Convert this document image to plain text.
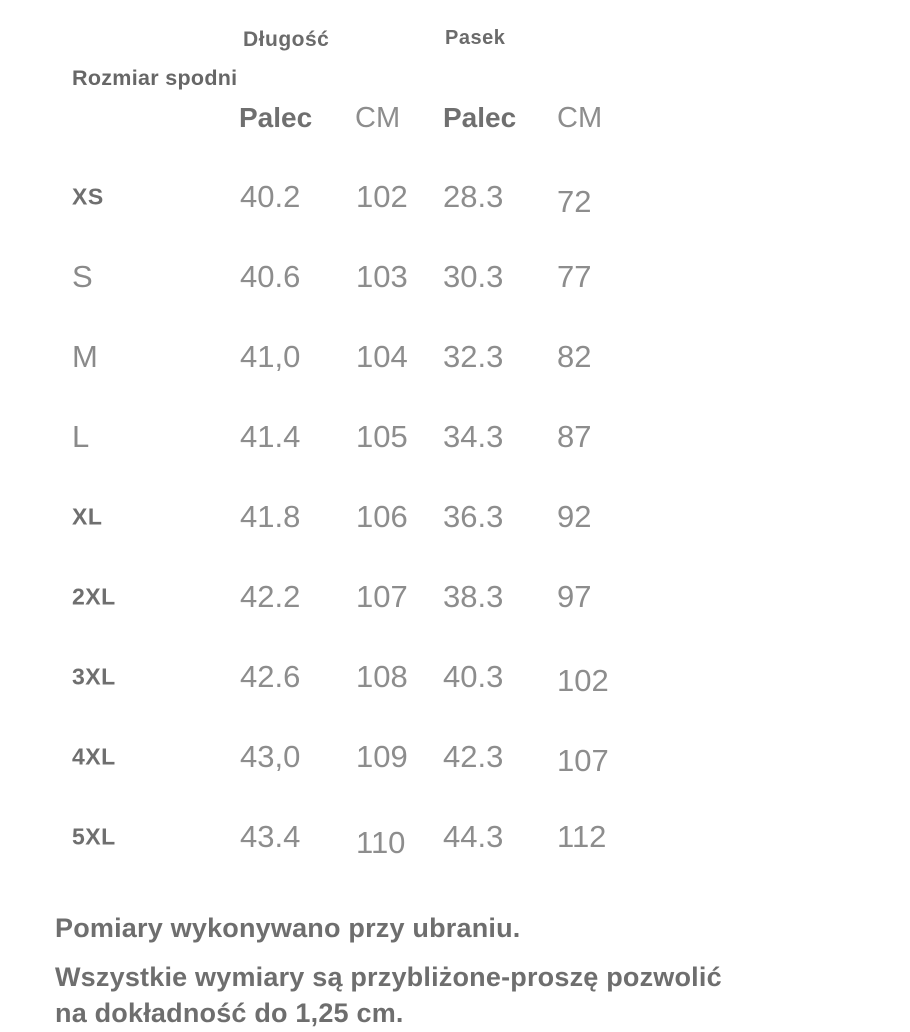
Długość	Pasek
Rozmiar spodni
Palec CM Palec CM
XS	40.2 102 28.3 72
S	40.6 103 30.3 77
M	41,0 104 32.3 82
L	41.4 105 34.3 87
XL	41.8 106 36.3 92
2XL	42.2 107 38.3 97
3XL	42.6 108 40.3 102
4XL	43,0 109 42.3 107
5XL	43.4 110 44.3 112

Pomiary wykonywano przy ubraniu.

Wszystkie wymiary są przybliżone-proszę pozwolić

na dokładność do 1,25 cm.
